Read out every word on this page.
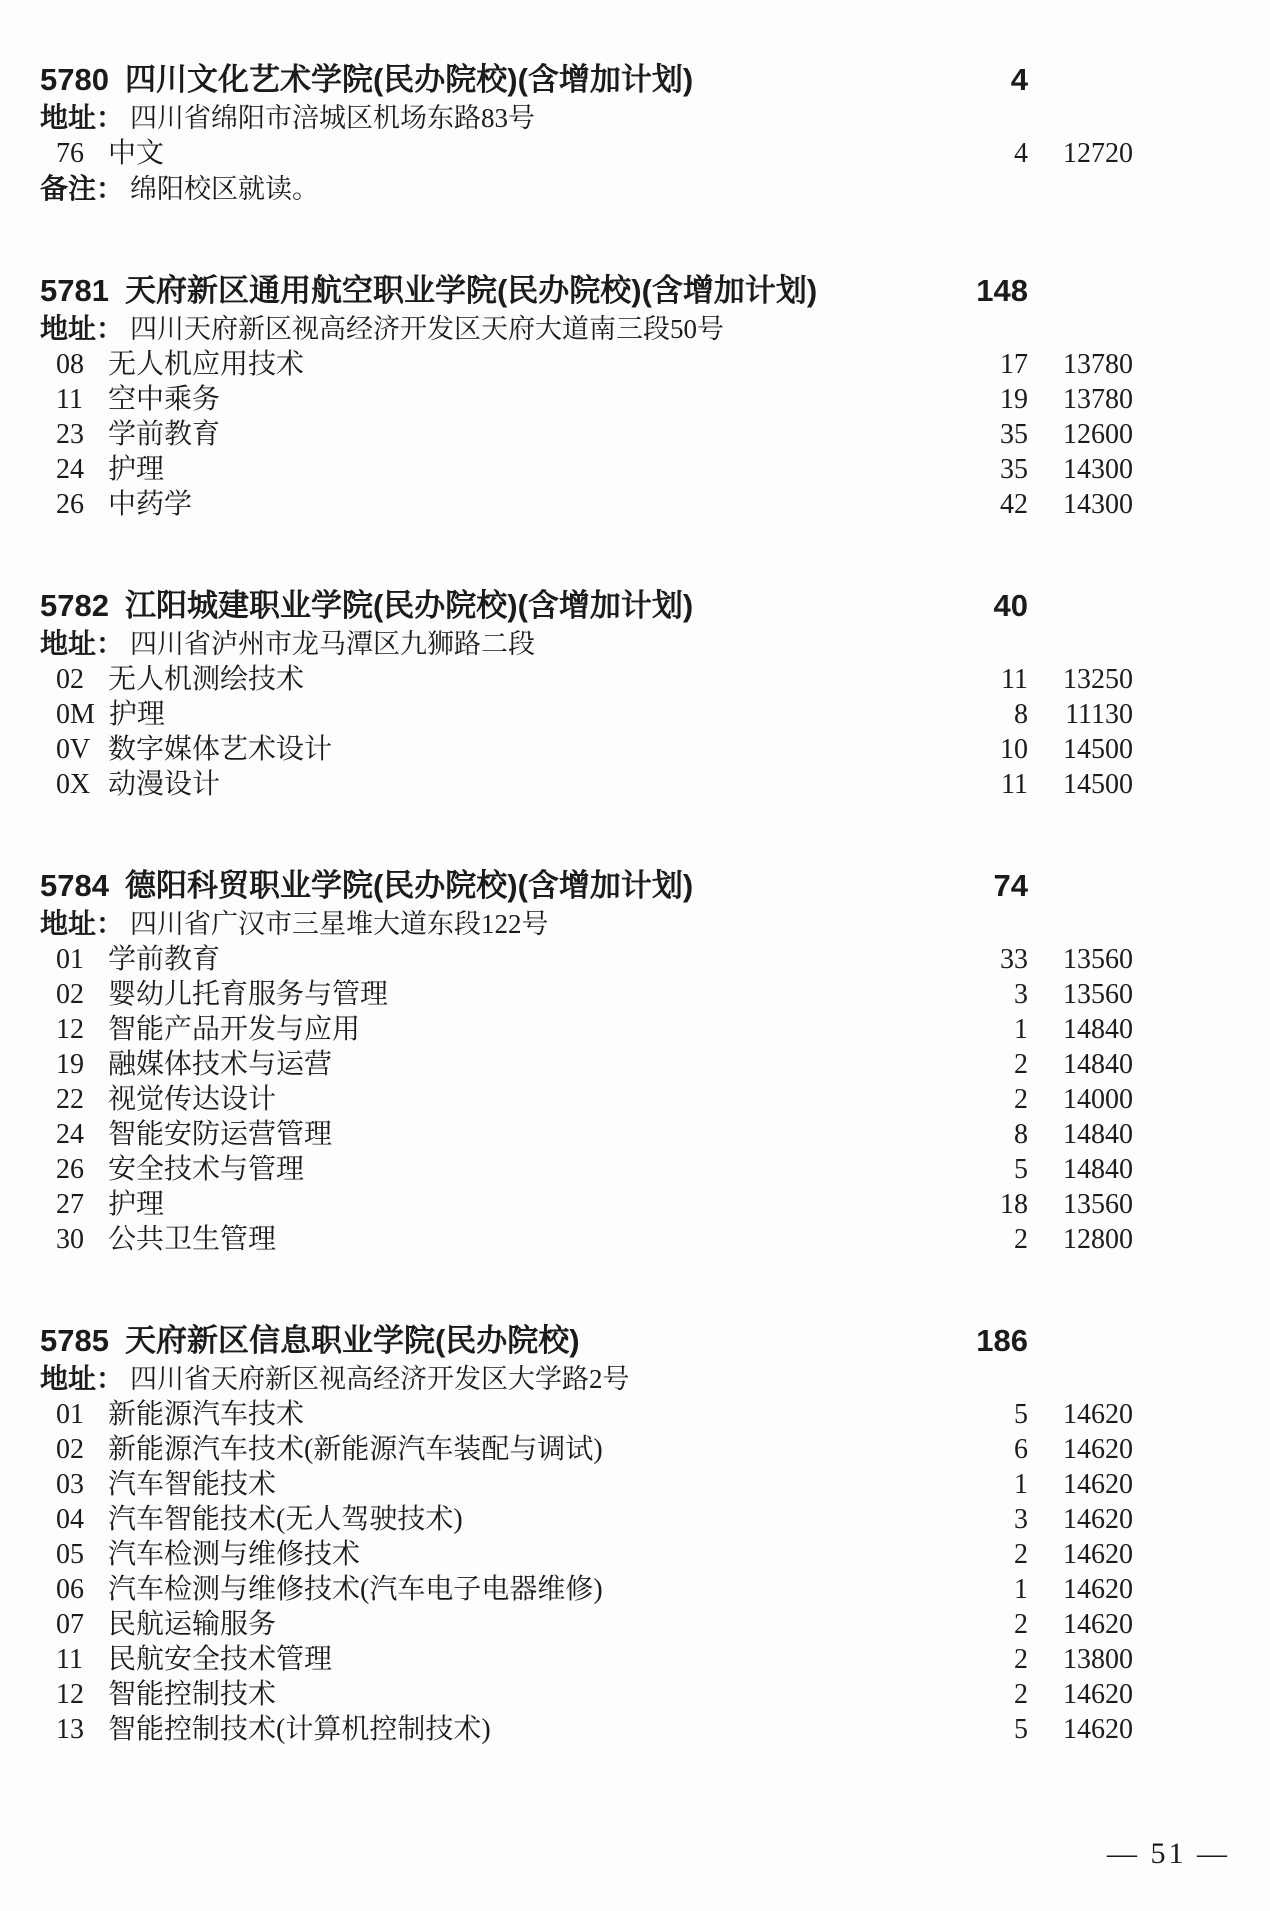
5780 四川文化艺术学院(民办院校)(含增加计划)	4
地址： 四川省绵阳市涪城区机场东路83号
76 中文	4 12720
备注： 绵阳校区就读。
5781 天府新区通用航空职业学院(民办院校)(含增加计划)	148
地址： 四川天府新区视高经济开发区天府大道南三段50号
08 无人机应用技术	17 13780
11 空中乘务	19 13780
23 学前教育	35 12600
24 护理	35 14300
26 中药学	42 14300
5782 江阳城建职业学院(民办院校)(含增加计划)	40
地址： 四川省泸州市龙马潭区九狮路二段
02 无人机测绘技术	11 13250
0M 护理	8 11130
0V 数字媒体艺术设计	10 14500
0X 动漫设计	11 14500
5784 德阳科贸职业学院(民办院校)(含增加计划)	74
地址： 四川省广汉市三星堆大道东段122号
01 学前教育	33 13560
02 婴幼儿托育服务与管理	3 13560
12 智能产品开发与应用	1 14840
19 融媒体技术与运营	2 14840
22 视觉传达设计	2 14000
24 智能安防运营管理	8 14840
26 安全技术与管理	5 14840
27 护理	18 13560
30 公共卫生管理	2 12800
5785 天府新区信息职业学院(民办院校)	186
地址： 四川省天府新区视高经济开发区大学路2号
01 新能源汽车技术	5 14620
02 新能源汽车技术(新能源汽车装配与调试)	6 14620
03 汽车智能技术	1 14620
04 汽车智能技术(无人驾驶技术)	3 14620
05 汽车检测与维修技术	2 14620
06 汽车检测与维修技术(汽车电子电器维修)	1 14620
07 民航运输服务	2 14620
11 民航安全技术管理	2 13800
12 智能控制技术	2 14620
13 智能控制技术(计算机控制技术)	5 14620
— 51 —
